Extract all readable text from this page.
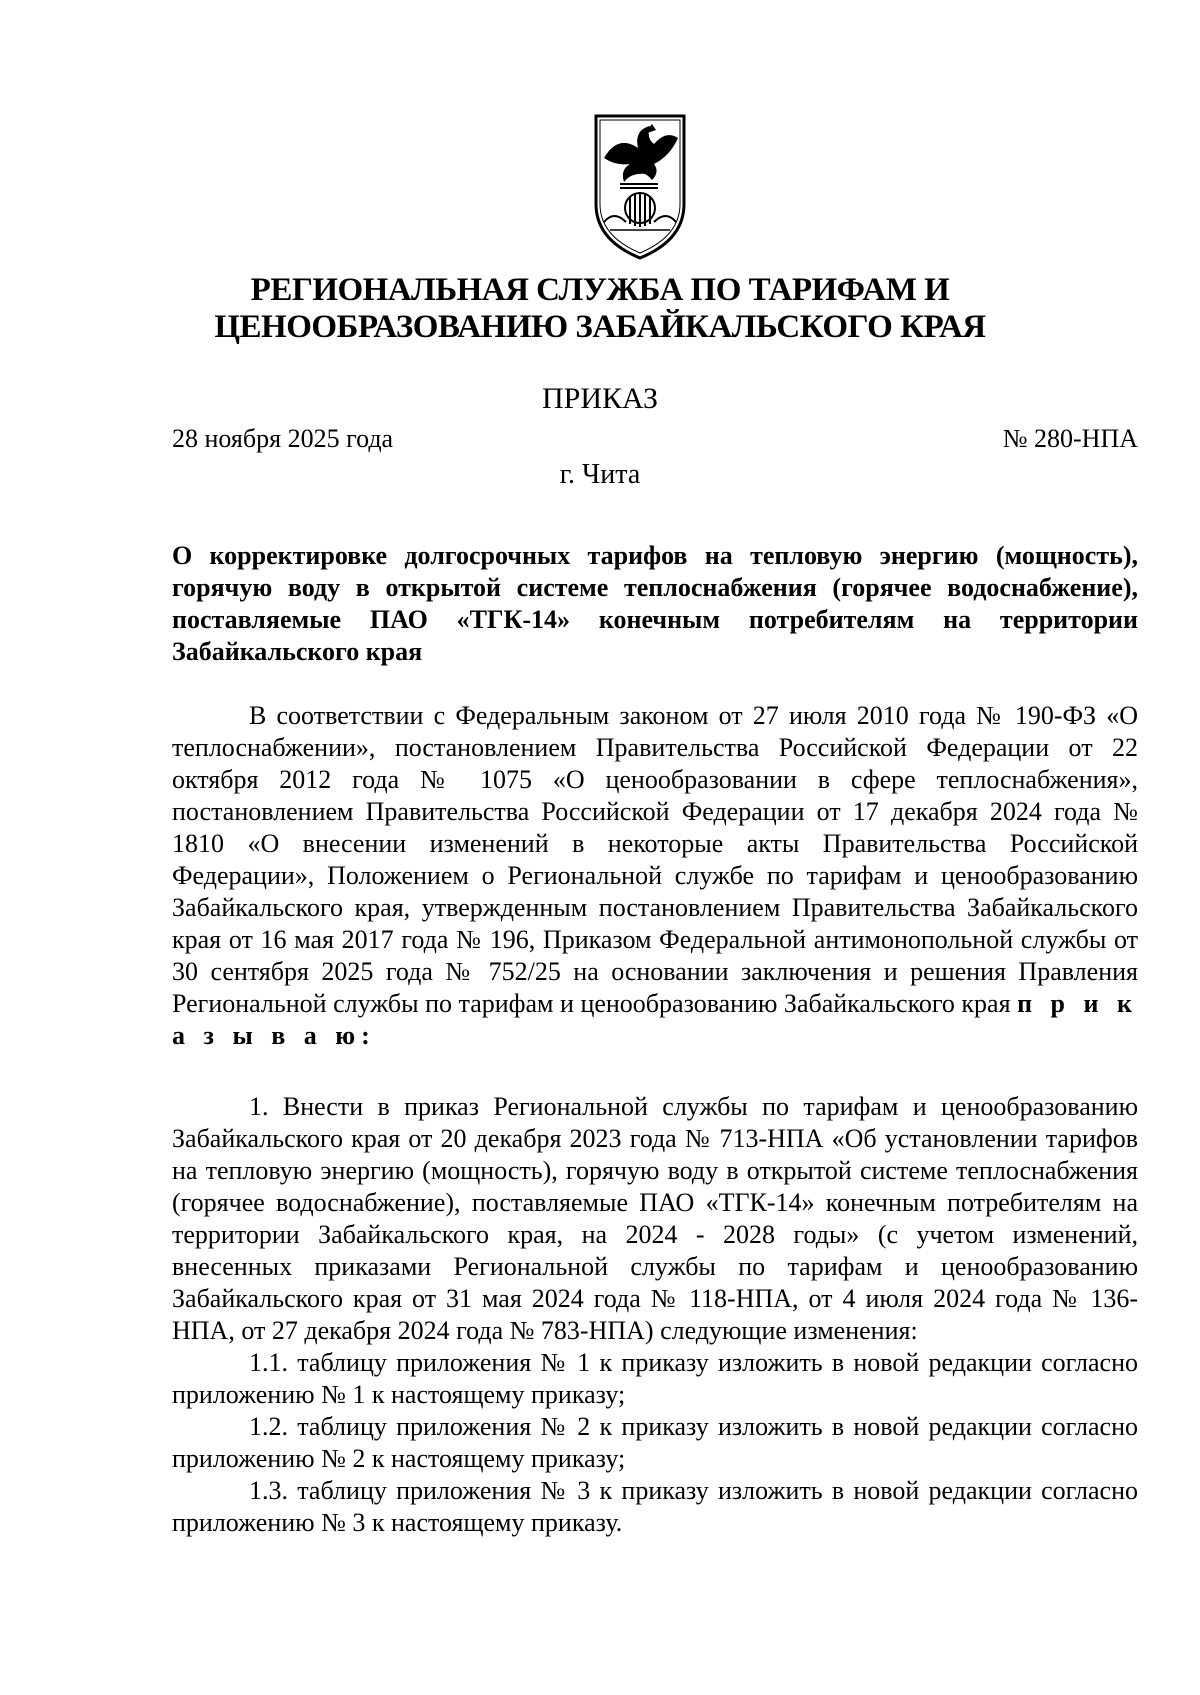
РЕГИОНАЛЬНАЯ СЛУЖБА ПО ТАРИФАМ И
ЦЕНООБРАЗОВАНИЮ ЗАБАЙКАЛЬСКОГО КРАЯ
ПРИКАЗ
28 ноября 2025 года	№ 280-НПА
г. Чита
О корректировке долгосрочных тарифов на тепловую энергию (мощность), горячую воду в открытой системе теплоснабжения (горячее водоснабжение), поставляемые ПАО «ТГК-14» конечным потребителям на территории Забайкальского края

В соответствии с Федеральным законом от 27 июля 2010 года № 190-ФЗ «О теплоснабжении», постановлением Правительства Российской Федерации от 22 октября 2012 года № 1075 «О ценообразовании в сфере теплоснабжения», постановлением Правительства Российской Федерации от 17 декабря 2024 года № 1810 «О внесении изменений в некоторые акты Правительства Российской Федерации», Положением о Региональной службе по тарифам и ценообразованию Забайкальского края, утвержденным постановлением Правительства Забайкальского края от 16 мая 2017 года № 196, Приказом Федеральной антимонопольной службы от 30 сентября 2025 года № 752/25 на основании заключения и решения Правления Региональной службы по тарифам и ценообразованию Забайкальского края п р и к а з ы в а ю:

1. Внести в приказ Региональной службы по тарифам и ценообразованию Забайкальского края от 20 декабря 2023 года № 713-НПА «Об установлении тарифов на тепловую энергию (мощность), горячую воду в открытой системе теплоснабжения (горячее водоснабжение), поставляемые ПАО «ТГК-14» конечным потребителям на территории Забайкальского края, на 2024 - 2028 годы» (с учетом изменений, внесенных приказами Региональной службы по тарифам и ценообразованию Забайкальского края от 31 мая 2024 года № 118-НПА, от 4 июля 2024 года № 136-НПА, от 27 декабря 2024 года № 783-НПА) следующие изменения:

1.1. таблицу приложения № 1 к приказу изложить в новой редакции согласно приложению № 1 к настоящему приказу;

1.2. таблицу приложения № 2 к приказу изложить в новой редакции согласно приложению № 2 к настоящему приказу;

1.3. таблицу приложения № 3 к приказу изложить в новой редакции согласно приложению № 3 к настоящему приказу.
